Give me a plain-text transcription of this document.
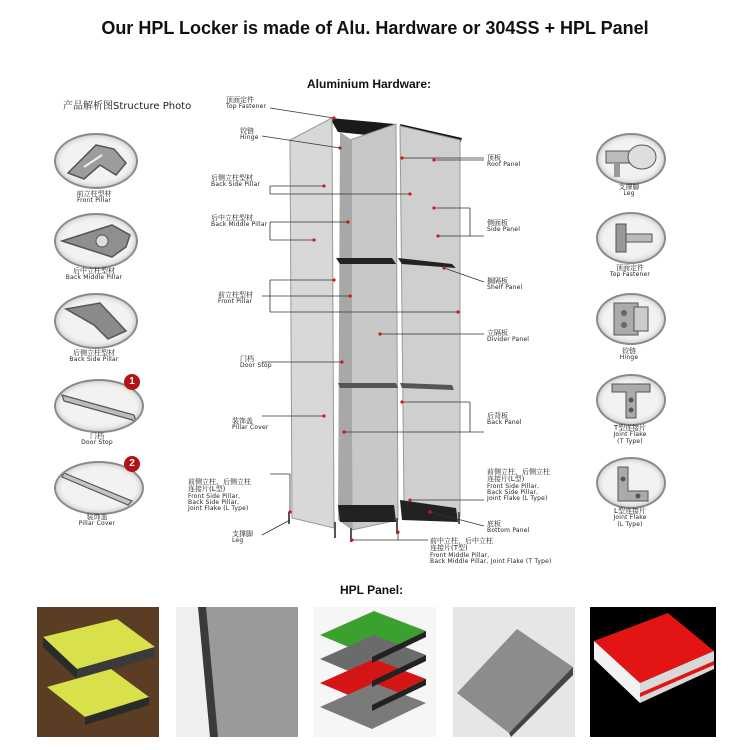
Our HPL Locker is made of Alu. Hardware or 304SS + HPL Panel
Aluminium Hardware:
产品解析图Structure Photo
前立柱型材
Front Pillar
后中立柱型材
Back Middle Pillar
后侧立柱型材
Back Side Pillar
1
门档
Door Stop
2
装饰盖
Pillar Cover
支撑脚
Leg
顶面定件
Top Fastener
铰链
Hinge
T型连接片
Joint Flake
(T Type)
L型连接片
Joint Flake
(L Type)
顶面定件
Top Fastener
铰链
Hinge
后侧立柱型材
Back Side Pillar
后中立柱型材
Back Middle Pillar
前立柱型材
Front Pillar
门档
Door Stop
装饰盖
Pillar Cover
前侧立柱、后侧立柱
连接片(L型)
Front Side Pillar,
Back Side Pillar,
Joint Flake (L Type)
支撑脚
Leg
顶板
Roof Panel
侧面板
Side Panel
搁隔板
Shelf Panel
立隔板
Divider Panel
后背板
Back Panel
前侧立柱、后侧立柱
连接片(L型)
Front Side Pillar,
Back Side Pillar,
Joint Flake (L Type)
底板
Bottom Panel
前中立柱、后中立柱
连接片(T型)
Front Middle Pillar,
Back Middle Pillar, Joint Flake (T Type)
HPL Panel:
